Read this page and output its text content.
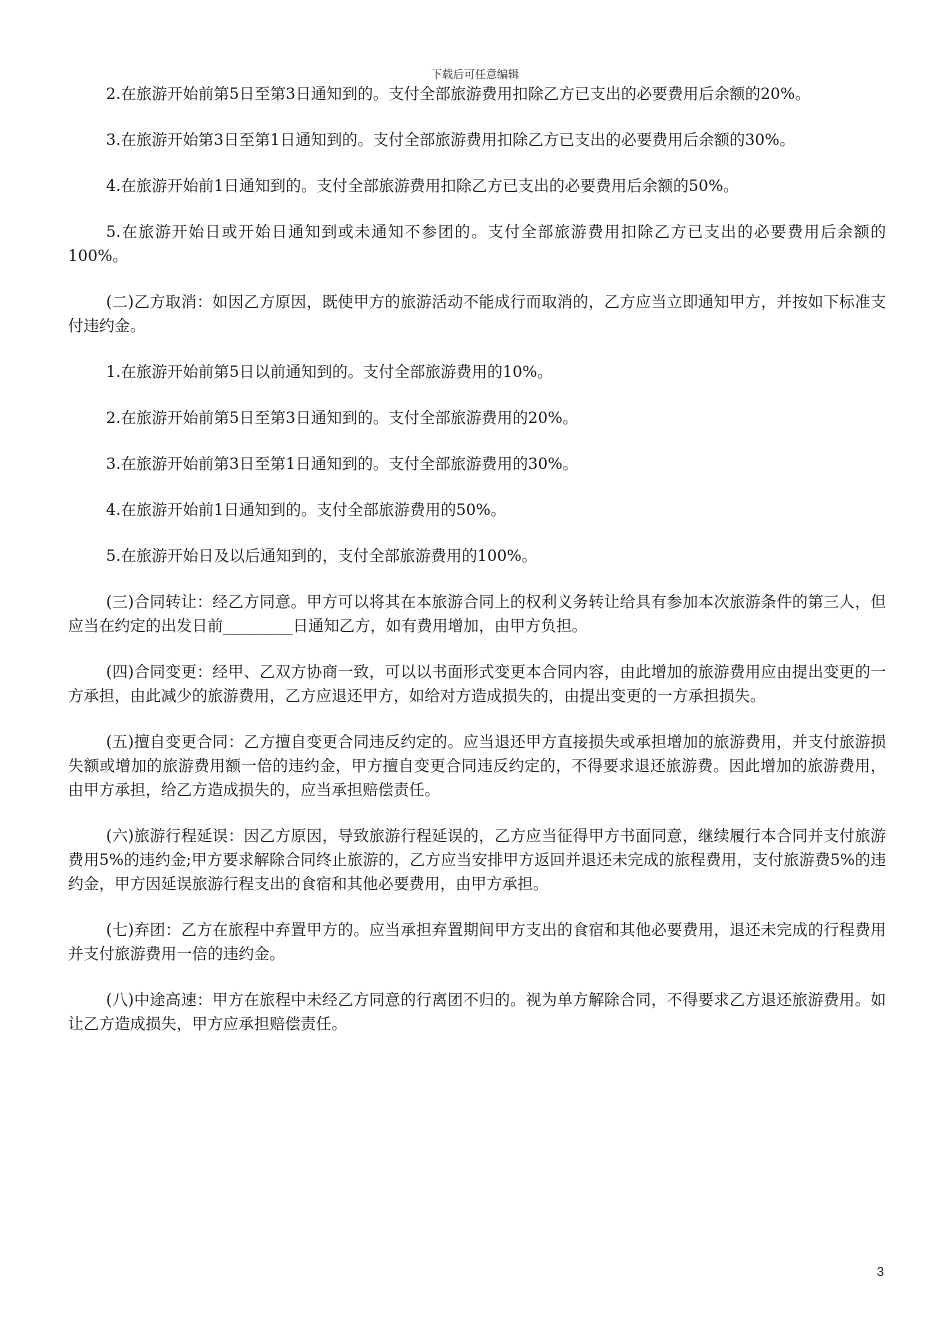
下载后可任意编辑

2.在旅游开始前第5日至第3日通知到的。支付全部旅游费用扣除乙方已支出的必要费用后余额的20%。

3.在旅游开始第3日至第1日通知到的。支付全部旅游费用扣除乙方已支出的必要费用后余额的30%。

4.在旅游开始前1日通知到的。支付全部旅游费用扣除乙方已支出的必要费用后余额的50%。

5.在旅游开始日或开始日通知到或未通知不参团的。支付全部旅游费用扣除乙方已支出的必要费用后余额的100%。

(二)乙方取消：如因乙方原因，既使甲方的旅游活动不能成行而取消的，乙方应当立即通知甲方，并按如下标准支付违约金。

1.在旅游开始前第5日以前通知到的。支付全部旅游费用的10%。

2.在旅游开始前第5日至第3日通知到的。支付全部旅游费用的20%。

3.在旅游开始前第3日至第1日通知到的。支付全部旅游费用的30%。

4.在旅游开始前1日通知到的。支付全部旅游费用的50%。

5.在旅游开始日及以后通知到的，支付全部旅游费用的100%。

(三)合同转让：经乙方同意。甲方可以将其在本旅游合同上的权利义务转让给具有参加本次旅游条件的第三人，但应当在约定的出发日前_________日通知乙方，如有费用增加，由甲方负担。

(四)合同变更：经甲、乙双方协商一致，可以以书面形式变更本合同内容，由此增加的旅游费用应由提出变更的一方承担，由此减少的旅游费用，乙方应退还甲方，如给对方造成损失的，由提出变更的一方承担损失。

(五)擅自变更合同：乙方擅自变更合同违反约定的。应当退还甲方直接损失或承担增加的旅游费用，并支付旅游损失额或增加的旅游费用额一倍的违约金，甲方擅自变更合同违反约定的，不得要求退还旅游费。因此增加的旅游费用，由甲方承担，给乙方造成损失的，应当承担赔偿责任。

(六)旅游行程延误：因乙方原因，导致旅游行程延误的，乙方应当征得甲方书面同意，继续履行本合同并支付旅游费用5%的违约金;甲方要求解除合同终止旅游的，乙方应当安排甲方返回并退还未完成的旅程费用，支付旅游费5%的违约金，甲方因延误旅游行程支出的食宿和其他必要费用，由甲方承担。

(七)弃团：乙方在旅程中弃置甲方的。应当承担弃置期间甲方支出的食宿和其他必要费用，退还未完成的行程费用并支付旅游费用一倍的违约金。

(八)中途高速：甲方在旅程中未经乙方同意的行离团不归的。视为单方解除合同，不得要求乙方退还旅游费用。如让乙方造成损失，甲方应承担赔偿责任。

3
